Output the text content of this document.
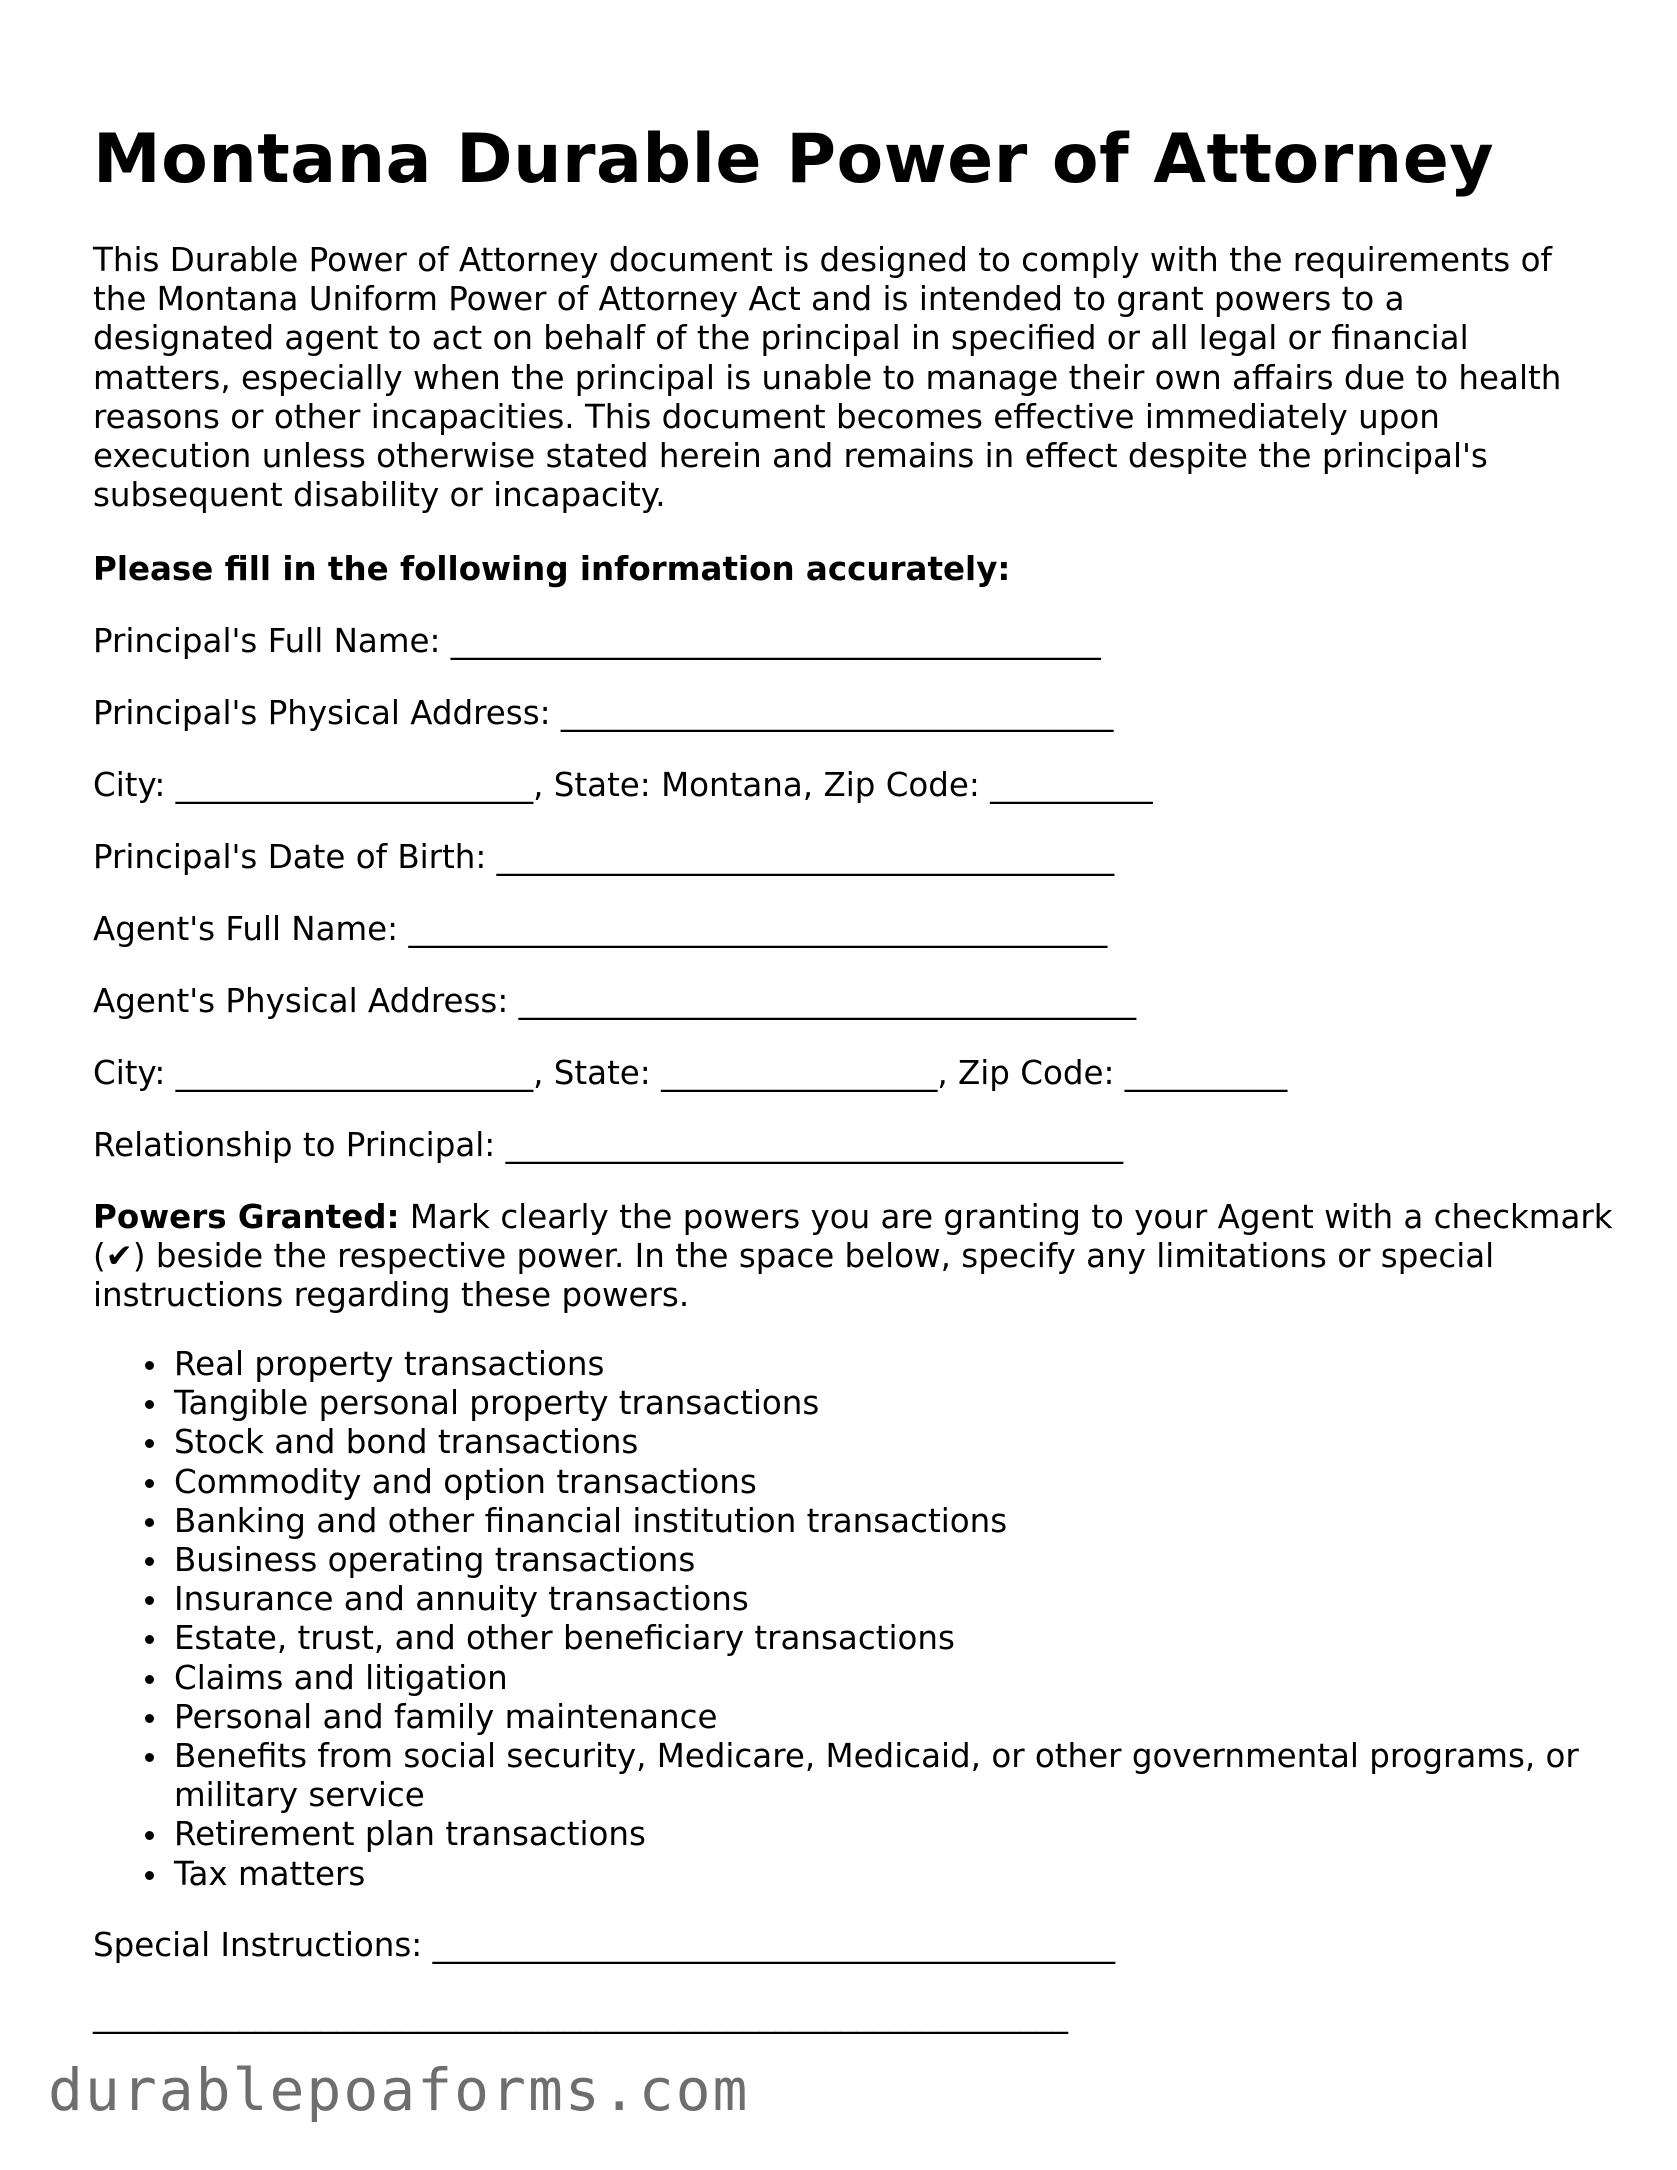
Montana Durable Power of Attorney

This Durable Power of Attorney document is designed to comply with the requirements of the Montana Uniform Power of Attorney Act and is intended to grant powers to a designated agent to act on behalf of the principal in specified or all legal or financial matters, especially when the principal is unable to manage their own affairs due to health reasons or other incapacities. This document becomes effective immediately upon execution unless otherwise stated herein and remains in effect despite the principal's subsequent disability or incapacity.

Please fill in the following information accurately:

Principal's Full Name: ________________________________________

Principal's Physical Address: __________________________________

City: ______________________, State: Montana, Zip Code: __________

Principal's Date of Birth: ______________________________________

Agent's Full Name: ___________________________________________

Agent's Physical Address: ______________________________________

City: ______________________, State: _________________, Zip Code: __________

Relationship to Principal: ______________________________________

Powers Granted: Mark clearly the powers you are granting to your Agent with a checkmark (✔) beside the respective power. In the space below, specify any limitations or special instructions regarding these powers.

Real property transactions
Tangible personal property transactions
Stock and bond transactions
Commodity and option transactions
Banking and other financial institution transactions
Business operating transactions
Insurance and annuity transactions
Estate, trust, and other beneficiary transactions
Claims and litigation
Personal and family maintenance
Benefits from social security, Medicare, Medicaid, or other governmental programs, or military service
Retirement plan transactions
Tax matters

Special Instructions: __________________________________________

____________________________________________________________

durablepoaforms.com
